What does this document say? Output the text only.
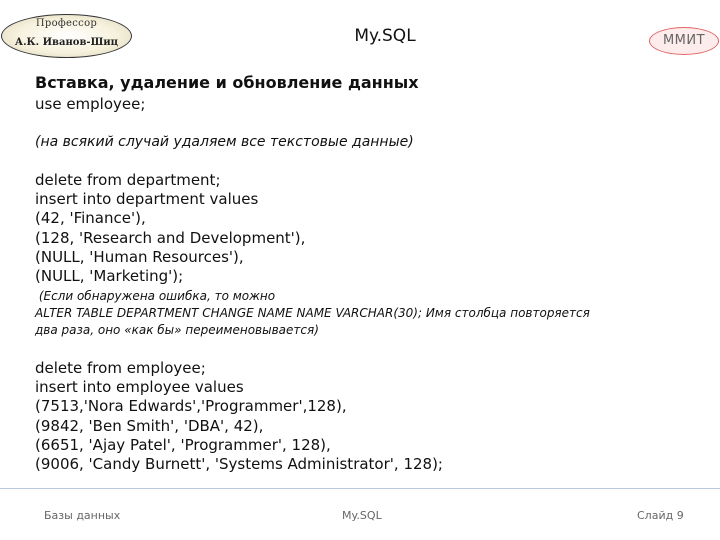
Профессор
А.К. Иванов-Шиц	My.SQL	ММИТ
Вставка, удаление и обновление данных
use employee;
(на всякий случай удаляем все текстовые данные)
delete from department;
insert into department values
(42, 'Finance'),
(128, 'Research and Development'),
(NULL, 'Human Resources'),
(NULL, 'Marketing');
(Если обнаружена ошибка, то можно
ALTER TABLE DEPARTMENT CHANGE NAME NAME VARCHAR(30); Имя столбца повторяется
два раза, оно «как бы» переименовывается)
delete from employee;
insert into employee values
(7513,'Nora Edwards','Programmer',128),
(9842, 'Ben Smith', 'DBA', 42),
(6651, 'Ajay Patel', 'Programmer', 128),
(9006, 'Candy Burnett', 'Systems Administrator', 128);
Базы данных	My.SQL	Слайд 9
